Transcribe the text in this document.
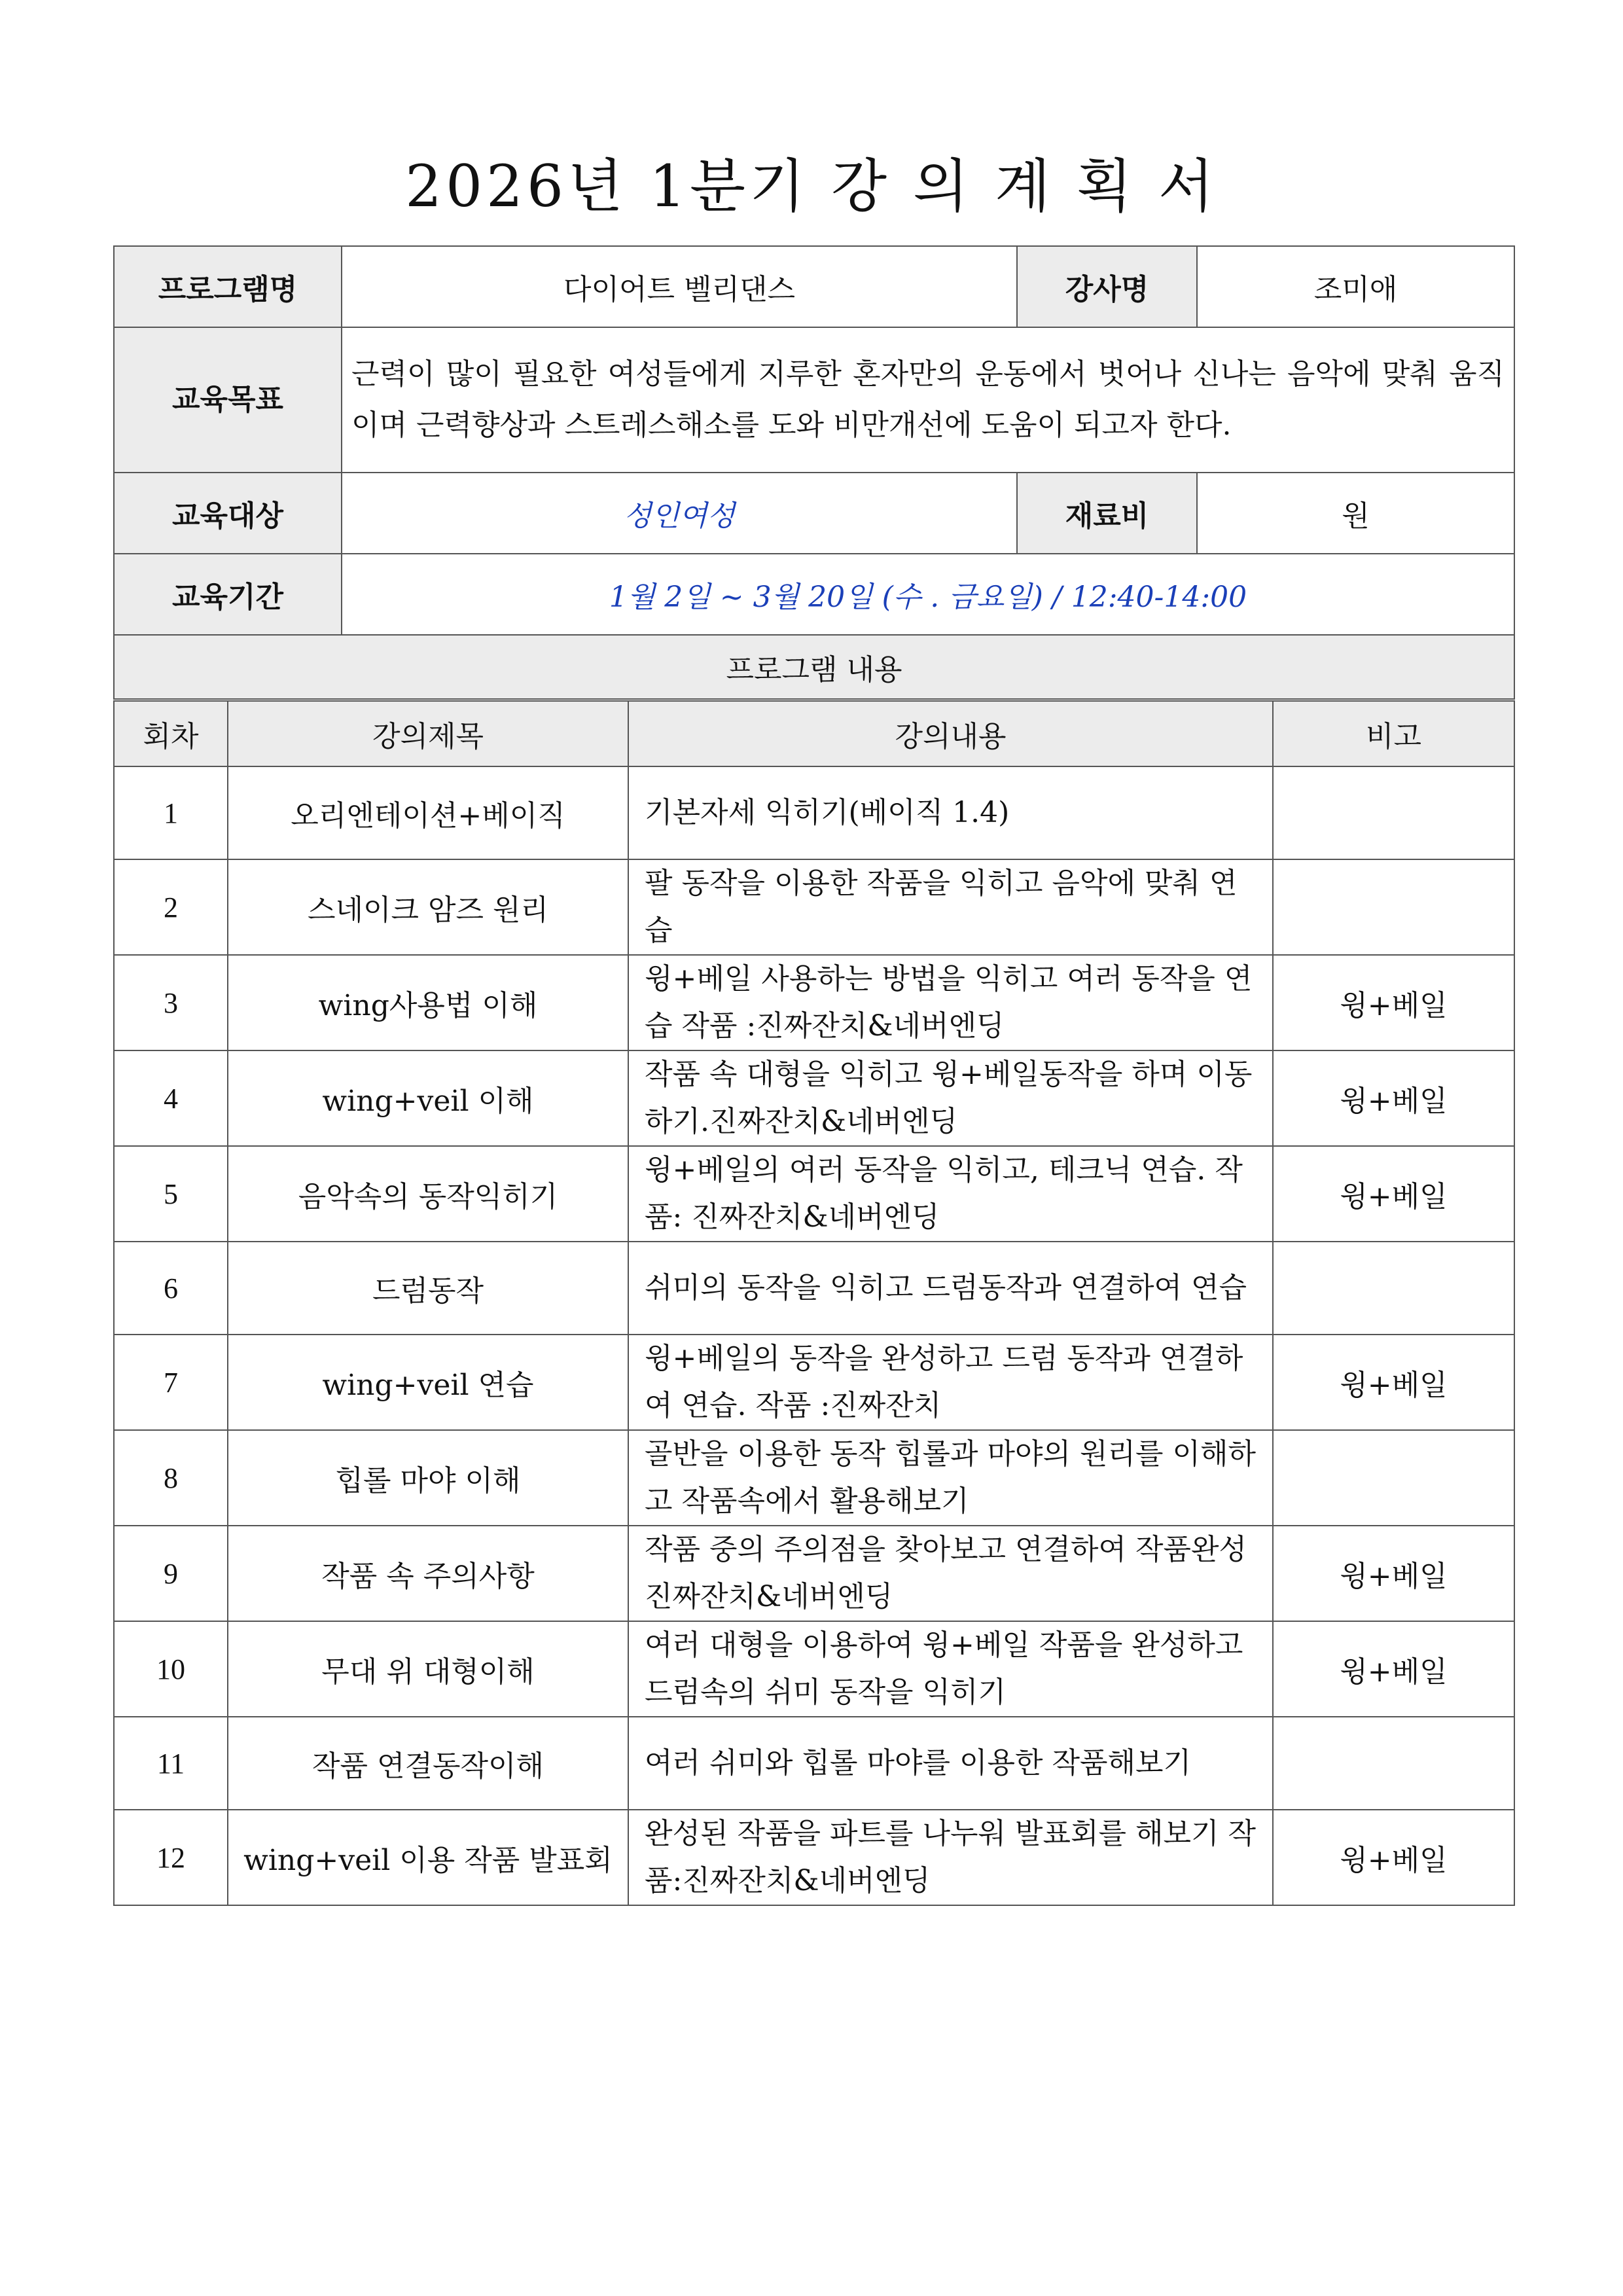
2026년 1분기 강 의 계 획 서
프로그램명	다이어트 벨리댄스	강사명	조미애
교육목표	근력이 많이 필요한 여성들에게 지루한 혼자만의 운동에서 벗어나 신나는 음악에 맞춰 움직이며 근력향상과 스트레스해소를 도와 비만개선에 도움이 되고자 한다.		
교육대상	성인여성	재료비	원
교육기간	1월 2일 ~ 3월 20일 (수 . 금요일) / 12:40-14:00		
프로그램 내용			
회차	강의제목	강의내용	비고
1	오리엔테이션+베이직	기본자세 익히기(베이직 1.4)	
2	스네이크 암즈 원리	팔 동작을 이용한 작품을 익히고 음악에 맞춰 연습	
3	wing사용법 이해	윙+베일 사용하는 방법을 익히고 여러 동작을 연습 작품 :진짜잔치&네버엔딩	윙+베일
4	wing+veil 이해	작품 속 대형을 익히고 윙+베일동작을 하며 이동하기.진짜잔치&네버엔딩	윙+베일
5	음악속의 동작익히기	윙+베일의 여러 동작을 익히고, 테크닉 연습. 작품: 진짜잔치&네버엔딩	윙+베일
6	드럼동작	쉬미의 동작을 익히고 드럼동작과 연결하여 연습	
7	wing+veil 연습	윙+베일의 동작을 완성하고 드럼 동작과 연결하여 연습. 작품 :진짜잔치	윙+베일
8	힙롤 마야 이해	골반을 이용한 동작 힙롤과 마야의 원리를 이해하고 작품속에서 활용해보기	
9	작품 속 주의사항	작품 중의 주의점을 찾아보고 연결하여 작품완성진짜잔치&네버엔딩	윙+베일
10	무대 위 대형이해	여러 대형을 이용하여 윙+베일 작품을 완성하고 드럼속의 쉬미 동작을 익히기	윙+베일
11	작품 연결동작이해	여러 쉬미와 힙롤 마야를 이용한 작품해보기	
12	wing+veil 이용 작품 발표회	완성된 작품을 파트를 나누워 발표회를 해보기 작품:진짜잔치&네버엔딩	윙+베일
